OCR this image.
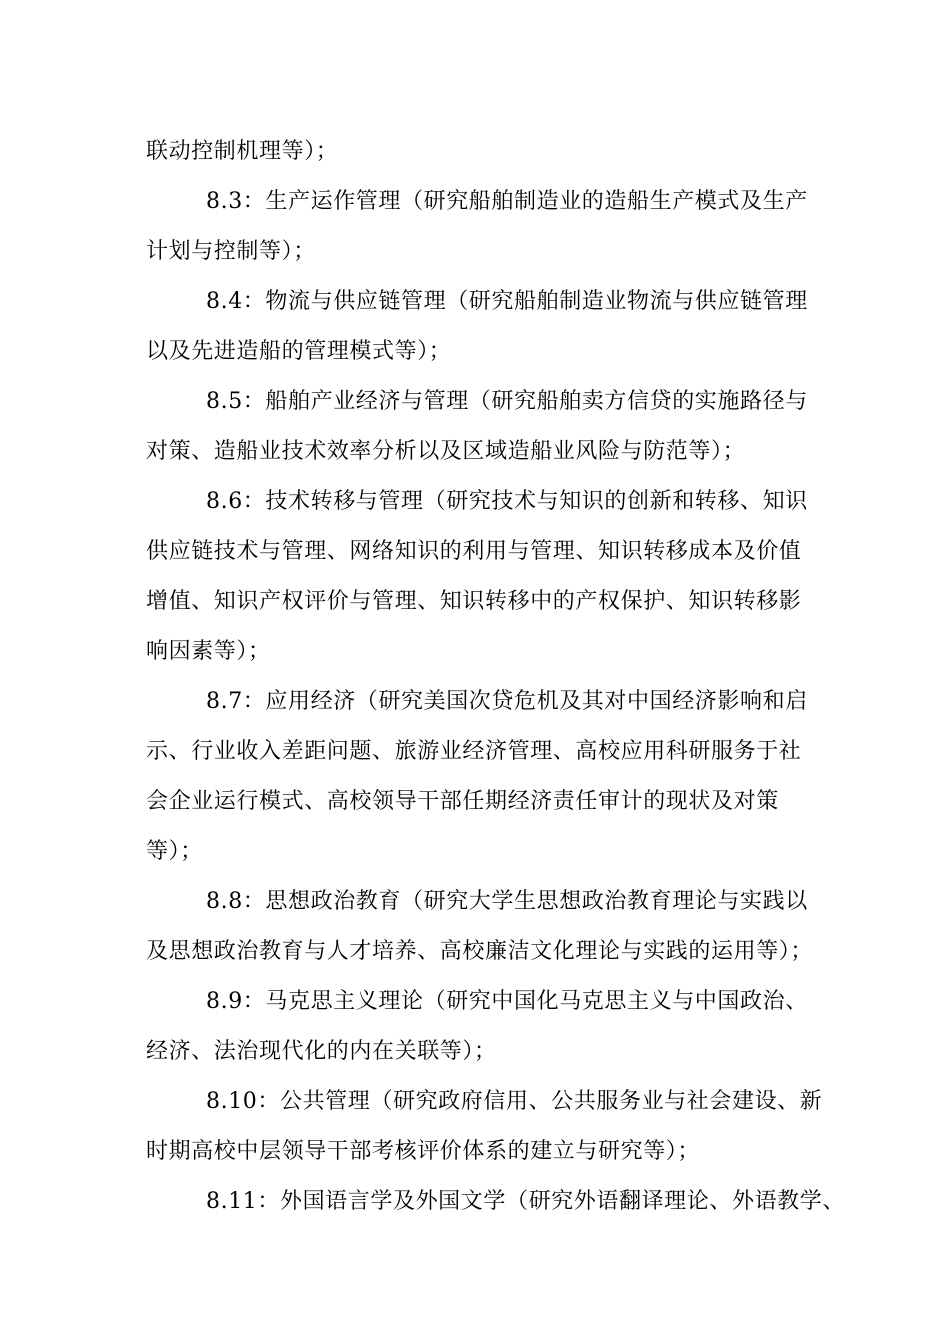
联动控制机理等）；
8.3：生产运作管理（研究船舶制造业的造船生产模式及生产
计划与控制等）；
8.4：物流与供应链管理（研究船舶制造业物流与供应链管理
以及先进造船的管理模式等）；
8.5：船舶产业经济与管理（研究船舶卖方信贷的实施路径与
对策、造船业技术效率分析以及区域造船业风险与防范等）；
8.6：技术转移与管理（研究技术与知识的创新和转移、知识
供应链技术与管理、网络知识的利用与管理、知识转移成本及价值
增值、知识产权评价与管理、知识转移中的产权保护、知识转移影
响因素等）；
8.7：应用经济（研究美国次贷危机及其对中国经济影响和启
示、行业收入差距问题、旅游业经济管理、高校应用科研服务于社
会企业运行模式、高校领导干部任期经济责任审计的现状及对策
等）；
8.8：思想政治教育（研究大学生思想政治教育理论与实践以
及思想政治教育与人才培养、高校廉洁文化理论与实践的运用等）；
8.9：马克思主义理论（研究中国化马克思主义与中国政治、
经济、法治现代化的内在关联等）；
8.10：公共管理（研究政府信用、公共服务业与社会建设、新
时期高校中层领导干部考核评价体系的建立与研究等）；
8.11：外国语言学及外国文学（研究外语翻译理论、外语教学、
